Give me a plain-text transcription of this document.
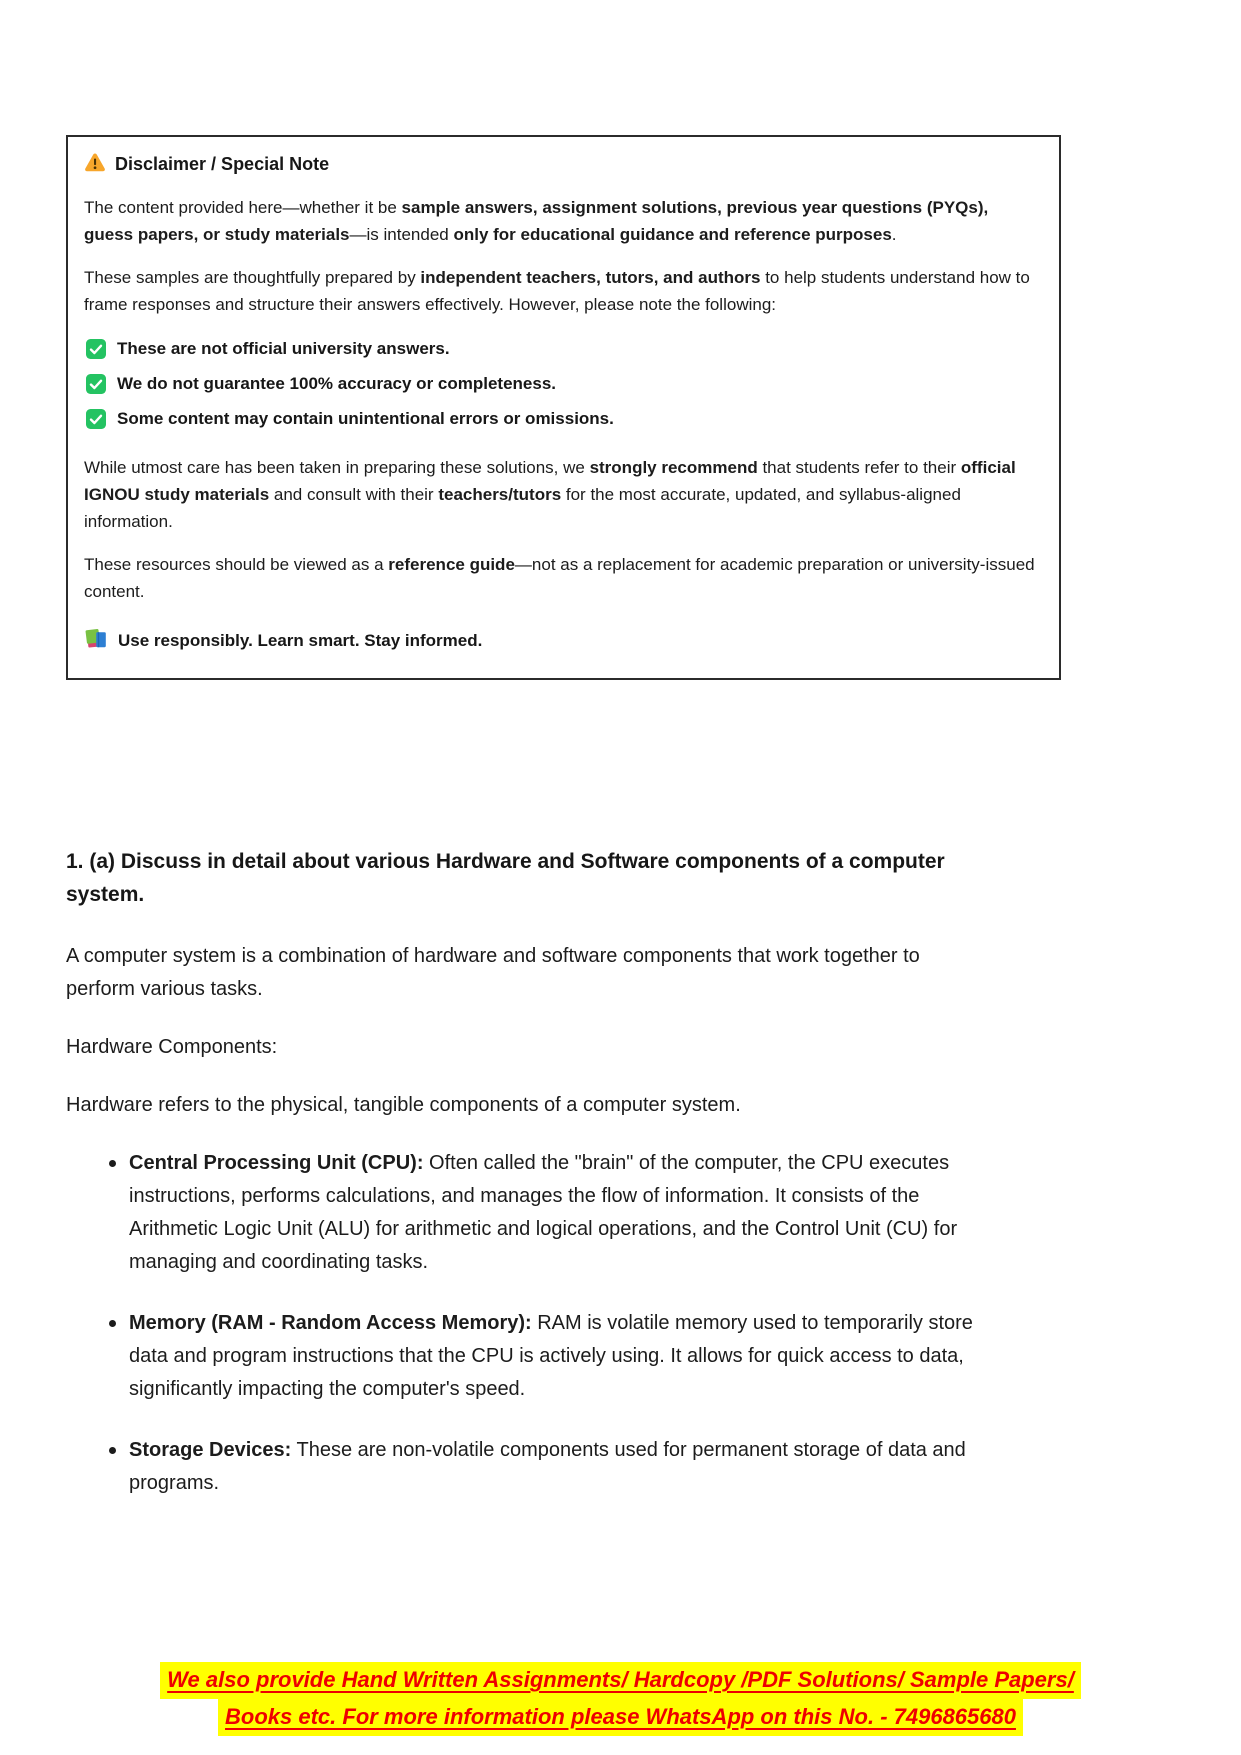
Disclaimer / Special Note

The content provided here—whether it be sample answers, assignment solutions, previous year questions (PYQs), guess papers, or study materials—is intended only for educational guidance and reference purposes.

These samples are thoughtfully prepared by independent teachers, tutors, and authors to help students understand how to frame responses and structure their answers effectively. However, please note the following:

These are not official university answers.
We do not guarantee 100% accuracy or completeness.
Some content may contain unintentional errors or omissions.

While utmost care has been taken in preparing these solutions, we strongly recommend that students refer to their official IGNOU study materials and consult with their teachers/tutors for the most accurate, updated, and syllabus-aligned information.

These resources should be viewed as a reference guide—not as a replacement for academic preparation or university-issued content.

Use responsibly. Learn smart. Stay informed.
1. (a) Discuss in detail about various Hardware and Software components of a computer system.

A computer system is a combination of hardware and software components that work together to perform various tasks.

Hardware Components:

Hardware refers to the physical, tangible components of a computer system.

Central Processing Unit (CPU): Often called the "brain" of the computer, the CPU executes instructions, performs calculations, and manages the flow of information. It consists of the Arithmetic Logic Unit (ALU) for arithmetic and logical operations, and the Control Unit (CU) for managing and coordinating tasks.
Memory (RAM - Random Access Memory): RAM is volatile memory used to temporarily store data and program instructions that the CPU is actively using. It allows for quick access to data, significantly impacting the computer's speed.
Storage Devices: These are non-volatile components used for permanent storage of data and programs.
We also provide Hand Written Assignments/ Hardcopy /PDF Solutions/ Sample Papers/
Books etc. For more information please WhatsApp on this No. - 7496865680
